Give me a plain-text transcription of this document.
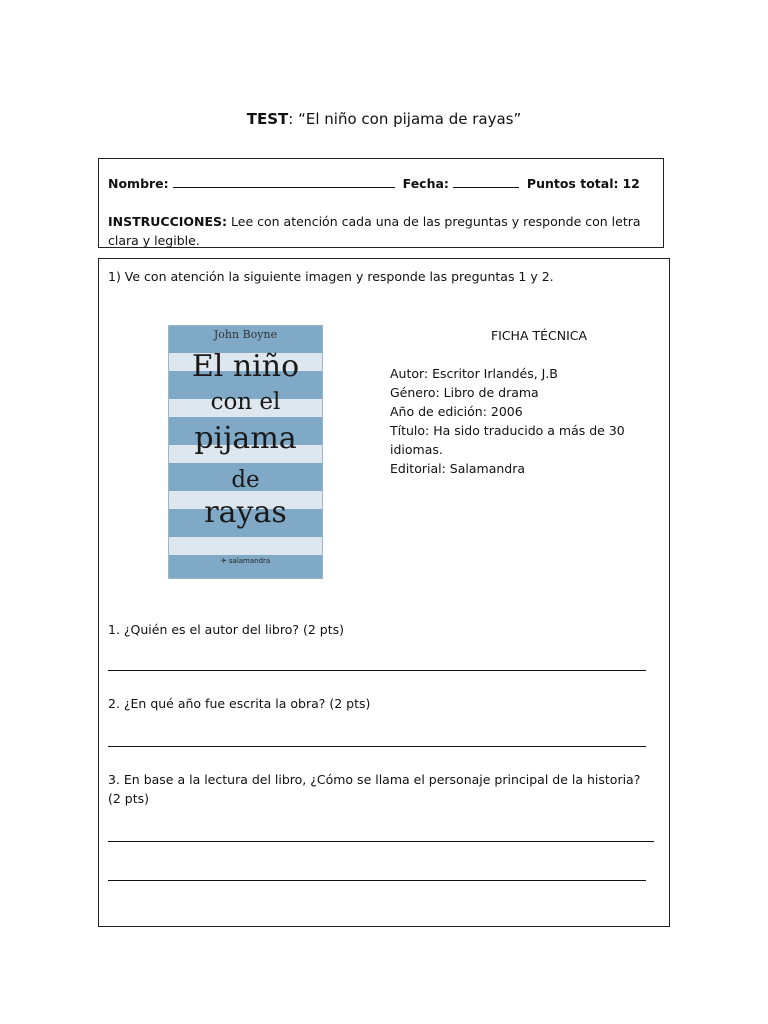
TEST: “El niño con pijama de rayas”
Nombre:	Fecha:	Puntos total: 12
INSTRUCCIONES: Lee con atención cada una de las preguntas y responde con letra clara y legible.
1) Ve con atención la siguiente imagen y responde las preguntas 1 y 2.
John Boyne
El niño
con el
pijama
de
rayas
✈ salamandra
FICHA TÉCNICA
Autor: Escritor Irlandés, J.B
Género: Libro de drama
Año de edición: 2006
Título: Ha sido traducido a más de 30 idiomas.
Editorial: Salamandra
1. ¿Quién es el autor del libro? (2 pts)
2. ¿En qué año fue escrita la obra? (2 pts)
3. En base a la lectura del libro, ¿Cómo se llama el personaje principal de la historia? (2 pts)
